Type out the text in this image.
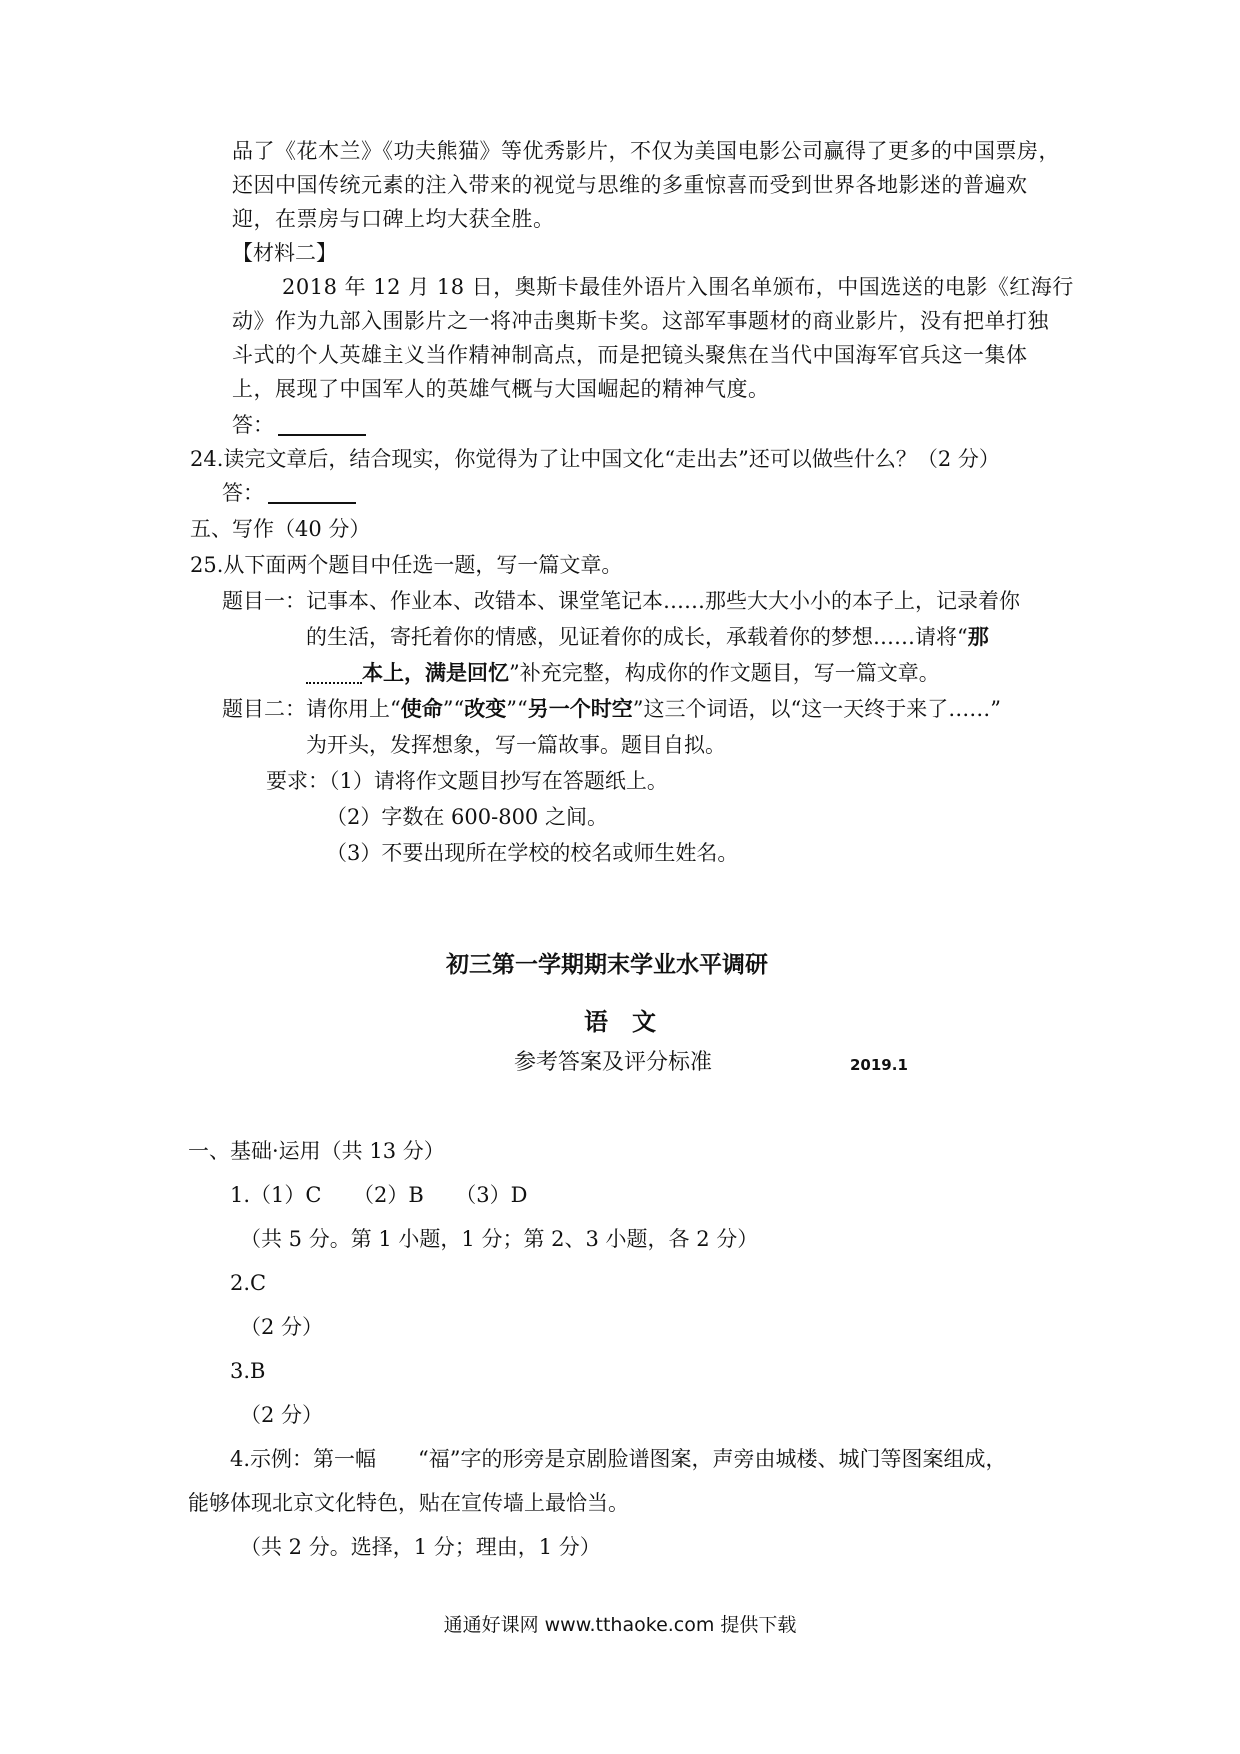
品了《花木兰》《功夫熊猫》等优秀影片，不仅为美国电影公司赢得了更多的中国票房，
还因中国传统元素的注入带来的视觉与思维的多重惊喜而受到世界各地影迷的普遍欢
迎，在票房与口碑上均大获全胜。
【材料二】
2018 年 12 月 18 日，奥斯卡最佳外语片入围名单颁布，中国选送的电影《红海行
动》作为九部入围影片之一将冲击奥斯卡奖。这部军事题材的商业影片，没有把单打独
斗式的个人英雄主义当作精神制高点，而是把镜头聚焦在当代中国海军官兵这一集体
上，展现了中国军人的英雄气概与大国崛起的精神气度。
答：
24.读完文章后，结合现实，你觉得为了让中国文化“走出去”还可以做些什么？（2 分）
答：
五、写作（40 分）
25.从下面两个题目中任选一题，写一篇文章。
题目一：记事本、作业本、改错本、课堂笔记本……那些大大小小的本子上，记录着你
的生活，寄托着你的情感，见证着你的成长，承载着你的梦想……请将“那
本上，满是回忆”补充完整，构成你的作文题目，写一篇文章。
题目二：请你用上“使命”“改变”“另一个时空”这三个词语，以“这一天终于来了……”
为开头，发挥想象，写一篇故事。题目自拟。
要求：（1）请将作文题目抄写在答题纸上。
（2）字数在 600-800 之间。
（3）不要出现所在学校的校名或师生姓名。
初三第一学期期末学业水平调研
语　文
参考答案及评分标准	2019.1
一、基础·运用（共 13 分）
1.（1）C　　（2）B　　（3）D
（共 5 分。第 1 小题，1 分；第 2、3 小题，各 2 分）
2.C
（2 分）
3.B
（2 分）
4.示例：第一幅　　“福”字的形旁是京剧脸谱图案，声旁由城楼、城门等图案组成，
能够体现北京文化特色，贴在宣传墙上最恰当。
（共 2 分。选择，1 分；理由，1 分）
通通好课网 www.tthaoke.com 提供下载
